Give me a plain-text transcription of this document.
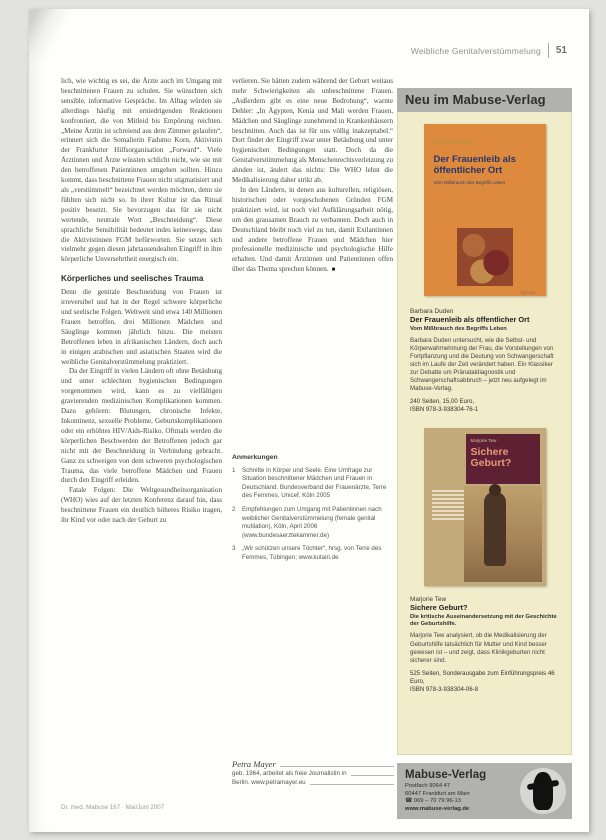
Weibliche Genitalverstümmelung 51

lich, wie wichtig es sei, die Ärzte auch im Umgang mit beschnittenen Frauen zu schulen. Sie wünschten sich sensible, informative Gespräche. Im Alltag würden sie allerdings häufig mit erniedrigenden Reaktionen konfrontiert, die von Mitleid bis Empörung reichten. „Meine Ärztin ist schreiend aus dem Zimmer gelaufen“, erinnert sich die Somalierin Fadumo Korn, Aktivistin der Frankfurter Hilfsorganisation „Forward“. Viele Ärztinnen und Ärzte wüssten schlicht nicht, wie sie mit den betroffenen Patientinnen umgehen sollten. Hinzu kommt, dass beschnittene Frauen nicht stigmatisiert und als „verstümmelt“ bezeichnet werden möchten, denn sie fühlten sich nicht so. In ihrer Kultur ist das Ritual positiv besetzt. Sie bevorzugen das für sie nicht wertende, neutrale Wort „Beschneidung“. Diese sprachliche Sensibilität bedeutet indes keineswegs, dass die Aktivistinnen FGM befürworten. Sie setzen sich vielmehr gegen diesen jahrtausendealten Eingriff in ihre körperliche Unversehrtheit energisch ein.

Körperliches und seelisches Trauma

Denn die genitale Beschneidung von Frauen ist irreversibel und hat in der Regel schwere körperliche und seelische Folgen. Weltweit sind etwa 140 Millionen Frauen betroffen, drei Millionen Mädchen und Säuglinge kommen jährlich hinzu. Die meisten Betroffenen leben in afrikanischen Ländern, doch auch in einigen arabischen und asiatischen Staaten wird die weibliche Genitalverstümmelung praktiziert.

Da der Eingriff in vielen Ländern oft ohne Betäubung und unter schlechten hygienischen Bedingungen vorgenommen wird, kann es zu vielfältigen gravierenden medizinischen Komplikationen kommen. Dazu gehören: Blutungen, chronische Infekte, Inkontinenz, sexuelle Probleme, Geburtskomplikationen oder ein erhöhtes HIV/Aids-Risiko. Oftmals werden die körperlichen Beschwerden der Betroffenen jedoch gar nicht mit der Beschneidung in Verbindung gebracht. Ganz zu schweigen von dem schweren psychologischen Trauma, das viele betroffene Mädchen und Frauen durch den Eingriff erleiden.

Fatale Folgen: Die Weltgesundheitsorganisation (WHO) wies auf der letzten Konferenz darauf hin, dass beschnittene Frauen ein deutlich höheres Risiko tragen, ihr Kind vor oder nach der Geburt zu

verlieren. Sie hätten zudem während der Geburt weitaus mehr Schwierigkeiten als unbeschnittene Frauen. „Außerdem gibt es eine neue Bedrohung“, warnte Dehler: „In Ägypten, Kenia und Mali werden Frauen, Mädchen und Säuglinge zunehmend in Krankenhäusern beschnitten. Auch das ist für uns völlig inakzeptabel.“ Dort findet der Eingriff zwar unter Betäubung und unter hygienischen Bedingungen statt. Doch da die Genitalverstümmelung als Menschenrechtsverletzung zu ahnden ist, ändert das nichts: Die WHO lehnt die Medikalisierung daher strikt ab.

In den Ländern, in denen aus kulturellen, religiösen, historischen oder vorgeschobenen Gründen FGM praktiziert wird, ist noch viel Aufklärungsarbeit nötig, um den grausamen Brauch zu verbannen. Doch auch in Deutschland bleibt noch viel zu tun, damit Exilantinnen und andere betroffene Frauen und Mädchen hier professionelle medizinische und psychologische Hilfe erhalten. Und damit Ärztinnen und Patientinnen offen über das Thema sprechen können. ■

Anmerkungen

1	Schnitte in Körper und Seele. Eine Umfrage zur Situation beschnittener Mädchen und Frauen in Deutschland. Bundesverband der Frauenärzte, Terre des Femmes, Unicef, Köln 2005
2	Empfehlungen zum Umgang mit Patientinnen nach weiblicher Genitalverstümmelung (female genital mutilation), Köln, April 2006 (www.bundesaerztekammer.de)
3	„Wir schützen unsere Töchter“, hrsg. von Terre des Femmes, Tübingen; www.kutairi.de
Petra Mayer
geb. 1964, arbeitet als freie Journalistin in
Berlin. www.petramayer.eu
Dr. med. Mabuse 167 · Mai/Juni 2007
Neu im Mabuse-Verlag
Barbara Duden
Der Frauenleib als öffentlicher Ort
Vom Mißbrauch des Begriffs Leben
Mabuse

Barbara Duden

Der Frauenleib als öffentlicher Ort

Vom Mißbrauch des Begriffs Leben

Barbara Duden untersucht, wie die Selbst- und Körperwahrnehmung der Frau, die Vorstellungen von Fortpflanzung und die Deutung von Schwangerschaft sich im Laufe der Zeit verändert haben. Ein Klassiker zur Debatte um Pränataldiagnostik und Schwangerschaftsabbruch – jetzt neu aufgelegt im Mabuse-Verlag.

240 Seiten, 15,00 Euro,

ISBN 978-3-938304-76-1

Marjorie Tew
Sichere Geburt?

Marjorie Tew

Sichere Geburt?

Die kritische Auseinandersetzung mit der Geschichte der Geburtshilfe.

Marjorie Tew analysiert, ob die Medikalisierung der Geburtshilfe tatsächlich für Mutter und Kind besser gewesen ist – und zeigt, dass Klinikgeburten nicht sicherer sind.

525 Seiten, Sonderausgabe zum Einführungspreis 46 Euro,

ISBN 978-3-938304-06-8

Mabuse-Verlag

Postfach 9064 47

60447 Frankfurt am Main

☎ 069 – 70 79 96-13

www.mabuse-verlag.de
